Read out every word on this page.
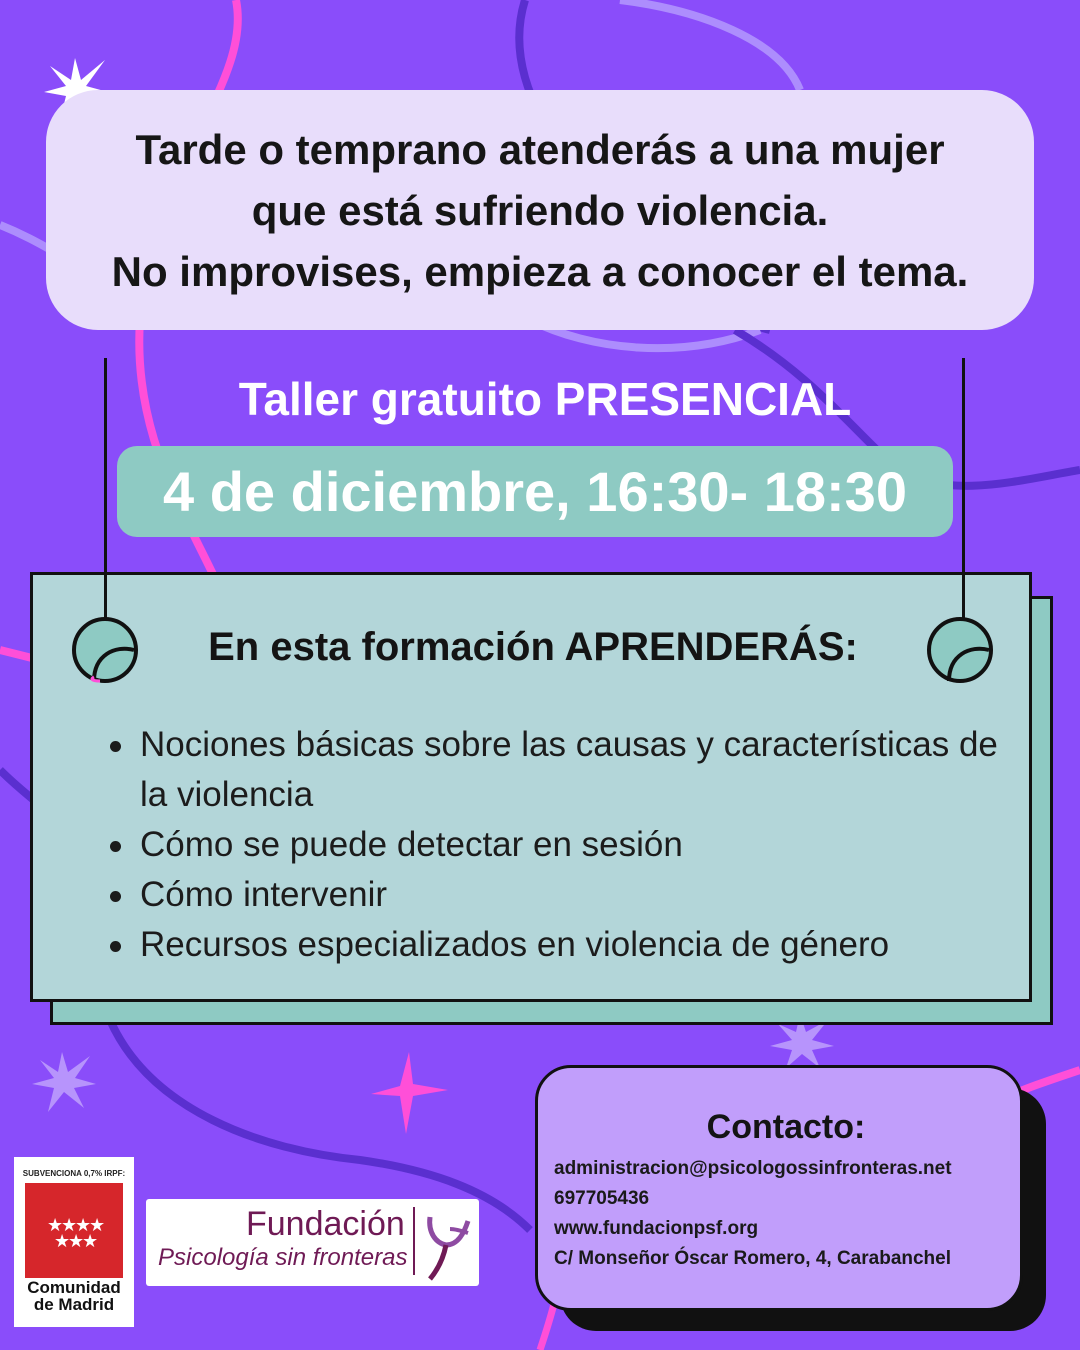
Tarde o temprano atenderás a una mujer
que está sufriendo violencia.
No improvises, empieza a conocer el tema.
Taller gratuito PRESENCIAL
4 de diciembre, 16:30- 18:30
En esta formación APRENDERÁS:
Nociones básicas sobre las causas y características de la violencia
Cómo se puede detectar en sesión
Cómo intervenir
Recursos especializados en violencia de género
Contacto:
administracion@psicologossinfronteras.net
697705436
www.fundacionpsf.org
C/ Monseñor Óscar Romero, 4, Carabanchel
SUBVENCIONA 0,7% IRPF:
★
★
★
★
★
★
★
Comunidad
de Madrid
Fundación
Psicología sin fronteras
